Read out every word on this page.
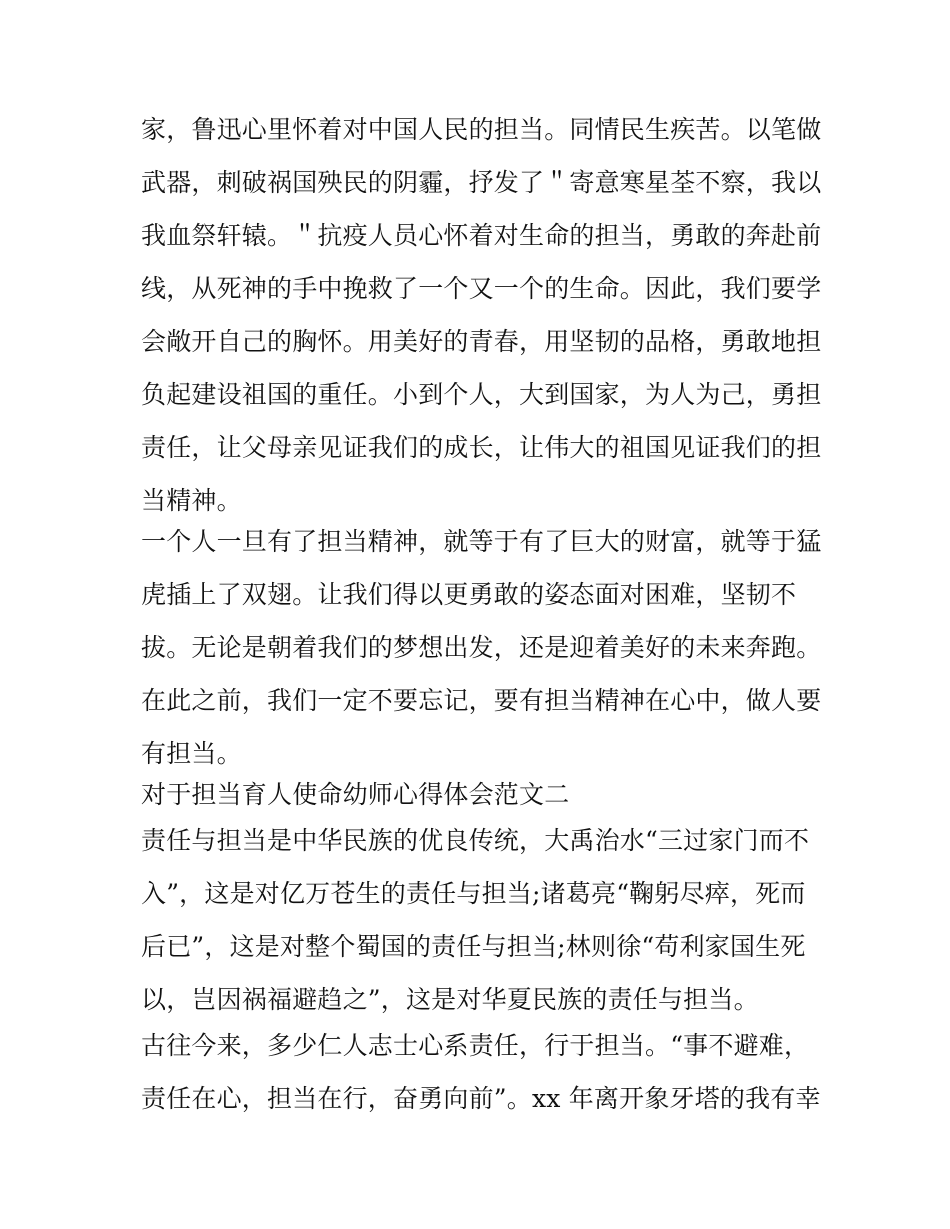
家，鲁迅心里怀着对中国人民的担当。同情民生疾苦。以笔做
武器，刺破祸国殃民的阴霾，抒发了＂寄意寒星荃不察，我以
我血祭轩辕。＂抗疫人员心怀着对生命的担当，勇敢的奔赴前
线，从死神的手中挽救了一个又一个的生命。因此，我们要学
会敞开自己的胸怀。用美好的青春，用坚韧的品格，勇敢地担
负起建设祖国的重任。小到个人，大到国家，为人为己，勇担
责任，让父母亲见证我们的成长，让伟大的祖国见证我们的担
当精神。
一个人一旦有了担当精神，就等于有了巨大的财富，就等于猛
虎插上了双翅。让我们得以更勇敢的姿态面对困难，坚韧不
拔。无论是朝着我们的梦想出发，还是迎着美好的未来奔跑。
在此之前，我们一定不要忘记，要有担当精神在心中，做人要
有担当。
对于担当育人使命幼师心得体会范文二
责任与担当是中华民族的优良传统，大禹治水“三过家门而不
入”，这是对亿万苍生的责任与担当;诸葛亮“鞠躬尽瘁，死而
后已”，这是对整个蜀国的责任与担当;林则徐“苟利家国生死
以，岂因祸福避趋之”，这是对华夏民族的责任与担当。
古往今来，多少仁人志士心系责任，行于担当。“事不避难，
责任在心，担当在行，奋勇向前”。xx 年离开象牙塔的我有幸
